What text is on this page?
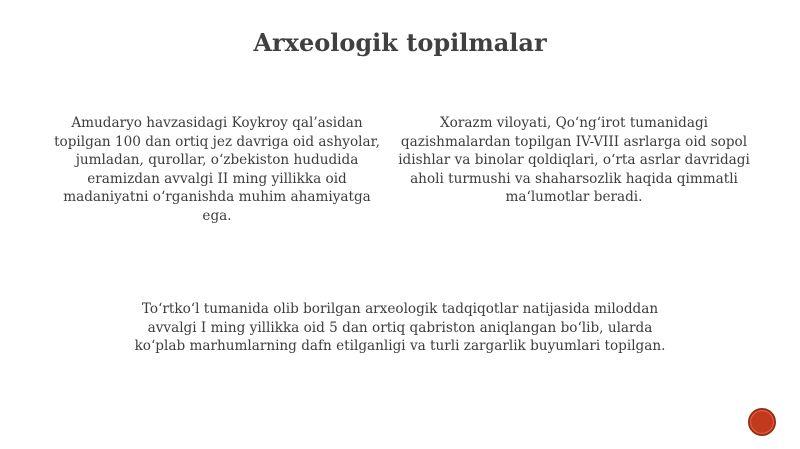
Arxeologik topilmalar

Amudaryo havzasidagi Koykroy qal’asidan topilgan 100 dan ortiq jez davriga oid ashyolar, jumladan, qurollar, o‘zbekiston hududida eramizdan avvalgi II ming yillikka oid madaniyatni o‘rganishda muhim ahamiyatga ega.

Xorazm viloyati, Qo‘ng‘irot tumanidagi qazishmalardan topilgan IV-VIII asrlarga oid sopol idishlar va binolar qoldiqlari, o‘rta asrlar davridagi aholi turmushi va shaharsozlik haqida qimmatli ma‘lumotlar beradi.

To‘rtko‘l tumanida olib borilgan arxeologik tadqiqotlar natijasida miloddan avvalgi I ming yillikka oid 5 dan ortiq qabriston aniqlangan bo‘lib, ularda ko‘plab marhumlarning dafn etilganligi va turli zargarlik buyumlari topilgan.
